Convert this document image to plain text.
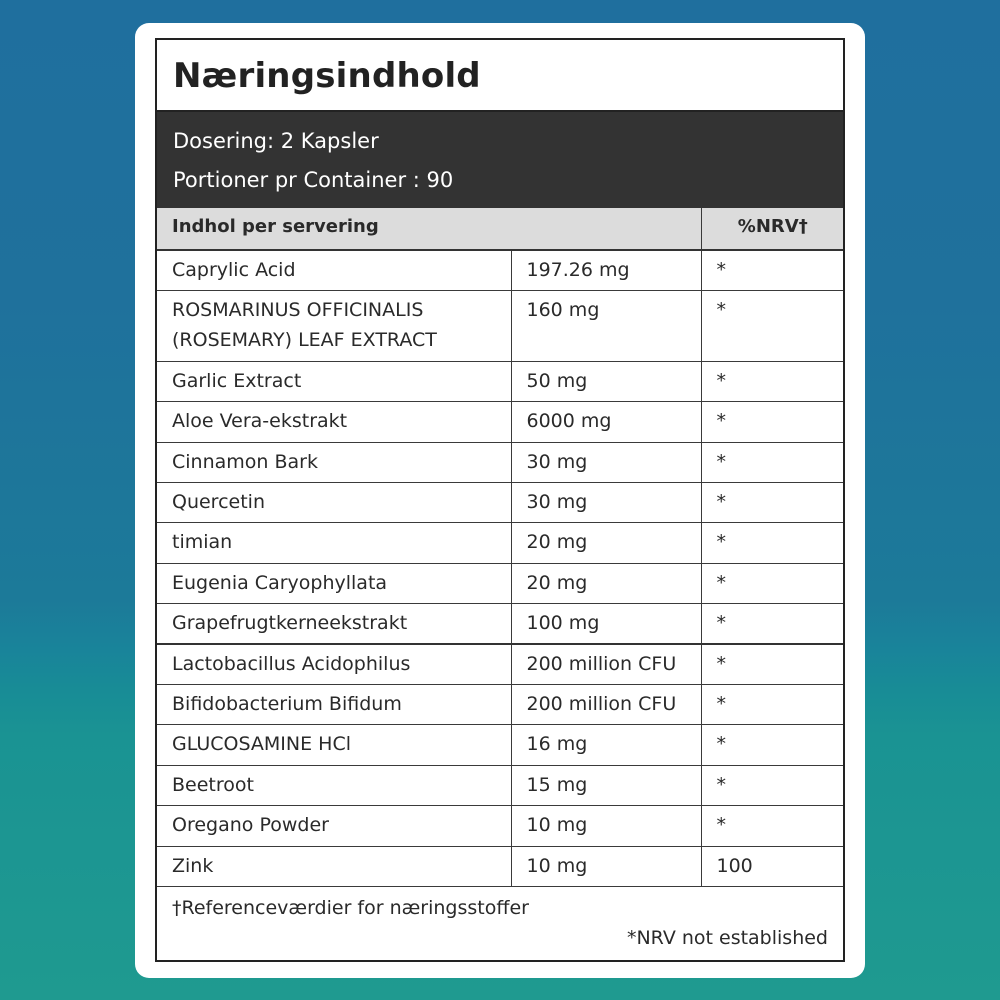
Næringsindhold
Dosering: 2 Kapsler
Portioner pr Container : 90
Indhol per servering		%NRV†
Caprylic Acid	197.26 mg	*
ROSMARINUS OFFICINALIS (ROSEMARY) LEAF EXTRACT	160 mg	*
Garlic Extract	50 mg	*
Aloe Vera-ekstrakt	6000 mg	*
Cinnamon Bark	30 mg	*
Quercetin	30 mg	*
timian	20 mg	*
Eugenia Caryophyllata	20 mg	*
Grapefrugtkerneekstrakt	100 mg	*
Lactobacillus Acidophilus	200 million CFU	*
Bifidobacterium Bifidum	200 million CFU	*
GLUCOSAMINE HCl	16 mg	*
Beetroot	15 mg	*
Oregano Powder	10 mg	*
Zink	10 mg	100
†Referenceværdier for næringsstoffer
*NRV not established
